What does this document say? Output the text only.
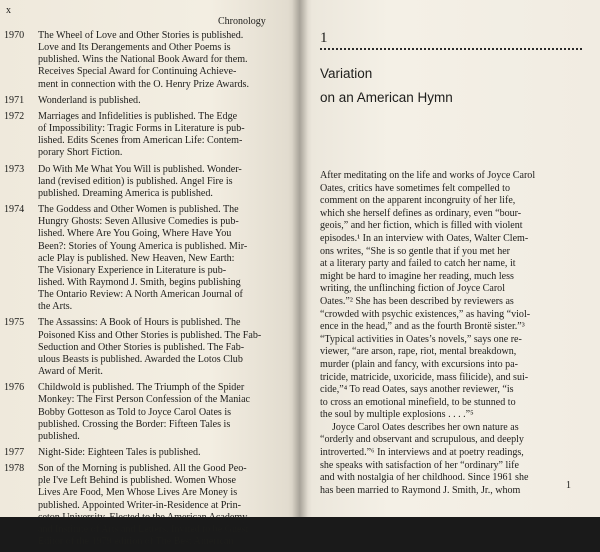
x
Chronology
1970	The Wheel of Love and Other Stories is published.
Love and Its Derangements and Other Poems is
published. Wins the National Book Award for them.
Receives Special Award for Continuing Achieve-
ment in connection with the O. Henry Prize Awards.
1971	Wonderland is published.
1972	Marriages and Infidelities is published. The Edge
of Impossibility: Tragic Forms in Literature is pub-
lished. Edits Scenes from American Life: Contem-
porary Short Fiction.
1973	Do With Me What You Will is published. Wonder-
land (revised edition) is published. Angel Fire is
published. Dreaming America is published.
1974	The Goddess and Other Women is published. The
Hungry Ghosts: Seven Allusive Comedies is pub-
lished. Where Are You Going, Where Have You
Been?: Stories of Young America is published. Mir-
acle Play is published. New Heaven, New Earth:
The Visionary Experience in Literature is pub-
lished. With Raymond J. Smith, begins publishing
The Ontario Review: A North American Journal of
the Arts.
1975	The Assassins: A Book of Hours is published. The
Poisoned Kiss and Other Stories is published. The Fab-
Seduction and Other Stories is published. The Fab-
ulous Beasts is published. Awarded the Lotos Club
Award of Merit.
1976	Childwold is published. The Triumph of the Spider
Monkey: The First Person Confession of the Maniac
Bobby Gotteson as Told to Joyce Carol Oates is
published. Crossing the Border: Fifteen Tales is
published.
1977	Night-Side: Eighteen Tales is published.
1978	Son of the Morning is published. All the Good Peo-
ple I've Left Behind is published. Women Whose
Lives Are Food, Men Whose Lives Are Money is
published. Appointed Writer-in-Residence at Prin-
ceton University. Elected to the American Academy
and Institute of Arts and Letters. Invited to be Guest
Editor of the 1979 edition of The Best American
1
Variation
on an American Hymn
After meditating on the life and works of Joyce Carol
Oates, critics have sometimes felt compelled to
comment on the apparent incongruity of her life,
which she herself defines as ordinary, even “bour-
geois,” and her fiction, which is filled with violent
episodes.¹ In an interview with Oates, Walter Clem-
ons writes, “She is so gentle that if you met her
at a literary party and failed to catch her name, it
might be hard to imagine her reading, much less
writing, the unflinching fiction of Joyce Carol
Oates.”² She has been described by reviewers as
“crowded with psychic existences,” as having “viol-
ence in the head,” and as the fourth Brontë sister.”³
“Typical activities in Oates’s novels,” says one re-
viewer, “are arson, rape, riot, mental breakdown,
murder (plain and fancy, with excursions into pa-
tricide, matricide, uxoricide, mass filicide), and sui-
cide,”⁴ To read Oates, says another reviewer, “is
to cross an emotional minefield, to be stunned to
the soul by multiple explosions . . . .”⁵
Joyce Carol Oates describes her own nature as
“orderly and observant and scrupulous, and deeply
introverted.”⁶ In interviews and at poetry readings,
she speaks with satisfaction of her “ordinary” life
and with nostalgia of her childhood. Since 1961 she
has been married to Raymond J. Smith, Jr., whom	1
